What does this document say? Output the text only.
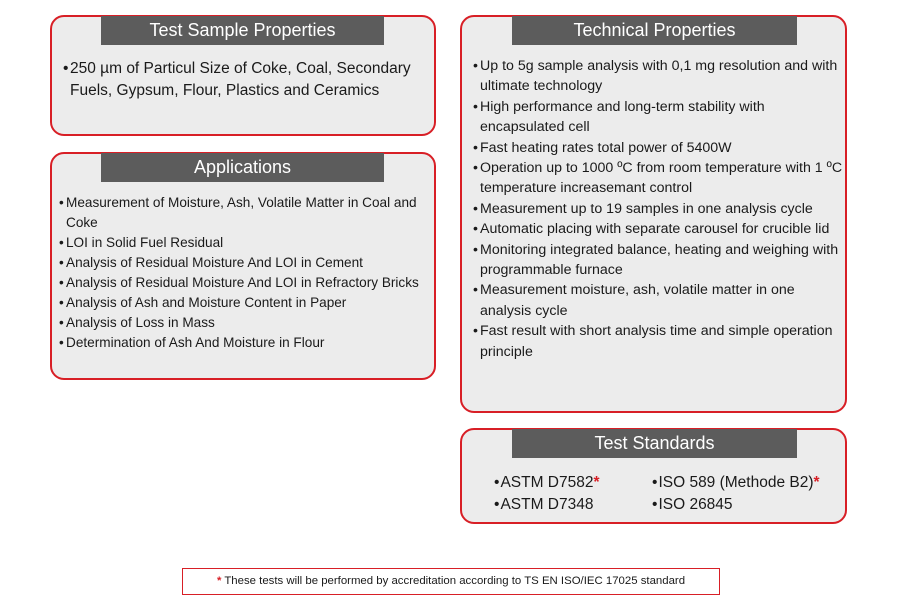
Test Sample Properties
• 250 µm of Particul Size of Coke, Coal, Secondary Fuels, Gypsum, Flour, Plastics and Ceramics
Applications
• Measurement of Moisture, Ash, Volatile Matter in Coal and Coke
• LOI in Solid Fuel Residual
• Analysis of Residual Moisture And LOI in Cement
• Analysis of Residual Moisture And LOI in Refractory Bricks
• Analysis of Ash and Moisture Content in Paper
• Analysis of Loss in Mass
• Determination of Ash And Moisture in Flour
Technical Properties
• Up to 5g sample analysis with 0,1 mg resolution and with ultimate technology
• High performance and long-term stability with encapsulated cell
• Fast heating rates total power of 5400W
• Operation up to 1000 ºC from room temperature with 1 ºC temperature increasemant control
• Measurement up to 19 samples in one analysis cycle
• Automatic placing with separate carousel for crucible lid
• Monitoring integrated balance, heating and weighing with programmable furnace
• Measurement moisture, ash, volatile matter in one analysis cycle
• Fast result with short analysis time and simple operation principle
Test Standards
•ASTM D7582*	•ISO 589 (Methode B2)*
•ASTM D7348	•ISO 26845
* These tests will be performed by accreditation according to TS EN ISO/IEC 17025 standard
